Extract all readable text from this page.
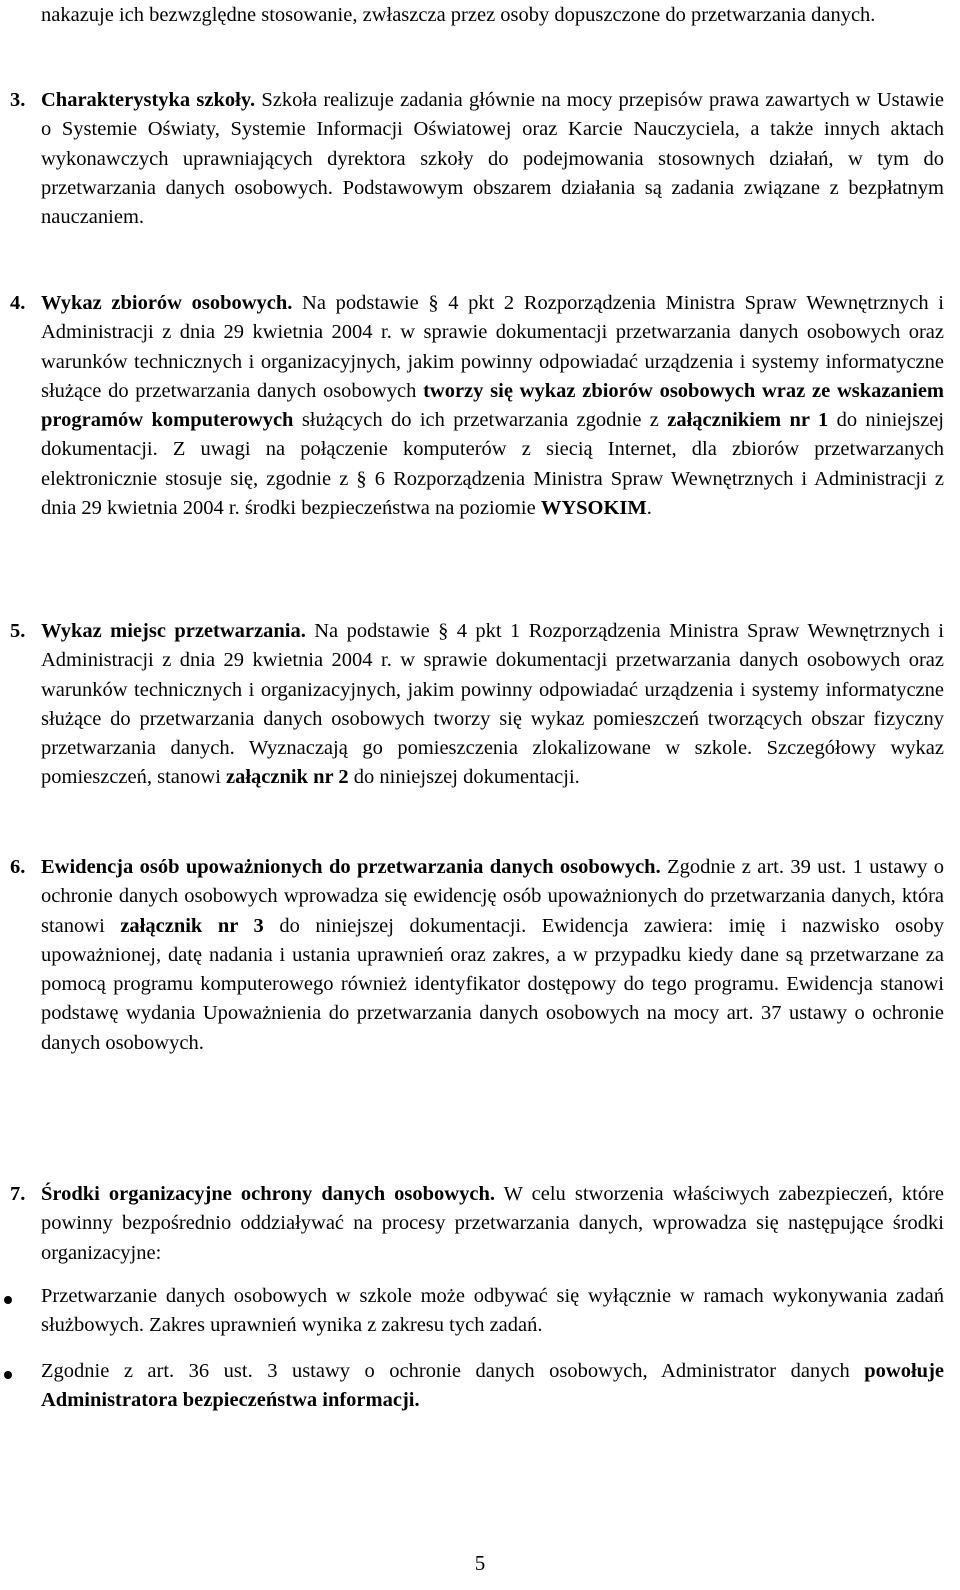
nakazuje ich bezwzględne stosowanie, zwłaszcza przez osoby dopuszczone do przetwarzania danych.

3. Charakterystyka szkoły. Szkoła realizuje zadania głównie na mocy przepisów prawa zawartych w Ustawie o Systemie Oświaty, Systemie Informacji Oświatowej oraz Karcie Nauczyciela, a także innych aktach wykonawczych uprawniających dyrektora szkoły do podejmowania stosownych działań, w tym do przetwarzania danych osobowych. Podstawowym obszarem działania są zadania związane z bezpłatnym nauczaniem.

4. Wykaz zbiorów osobowych. Na podstawie § 4 pkt 2 Rozporządzenia Ministra Spraw Wewnętrznych i Administracji z dnia 29 kwietnia 2004 r. w sprawie dokumentacji przetwarzania danych osobowych oraz warunków technicznych i organizacyjnych, jakim powinny odpowiadać urządzenia i systemy informatyczne służące do przetwarzania danych osobowych tworzy się wykaz zbiorów osobowych wraz ze wskazaniem programów komputerowych służących do ich przetwarzania zgodnie z załącznikiem nr 1 do niniejszej dokumentacji. Z uwagi na połączenie komputerów z siecią Internet, dla zbiorów przetwarzanych elektronicznie stosuje się, zgodnie z § 6 Rozporządzenia Ministra Spraw Wewnętrznych i Administracji z dnia 29 kwietnia 2004 r. środki bezpieczeństwa na poziomie WYSOKIM.

5. Wykaz miejsc przetwarzania. Na podstawie § 4 pkt 1 Rozporządzenia Ministra Spraw Wewnętrznych i Administracji z dnia 29 kwietnia 2004 r. w sprawie dokumentacji przetwarzania danych osobowych oraz warunków technicznych i organizacyjnych, jakim powinny odpowiadać urządzenia i systemy informatyczne służące do przetwarzania danych osobowych tworzy się wykaz pomieszczeń tworzących obszar fizyczny przetwarzania danych. Wyznaczają go pomieszczenia zlokalizowane w szkole. Szczegółowy wykaz pomieszczeń, stanowi załącznik nr 2 do niniejszej dokumentacji.

6. Ewidencja osób upoważnionych do przetwarzania danych osobowych. Zgodnie z art. 39 ust. 1 ustawy o ochronie danych osobowych wprowadza się ewidencję osób upoważnionych do przetwarzania danych, która stanowi załącznik nr 3 do niniejszej dokumentacji. Ewidencja zawiera: imię i nazwisko osoby upoważnionej, datę nadania i ustania uprawnień oraz zakres, a w przypadku kiedy dane są przetwarzane za pomocą programu komputerowego również identyfikator dostępowy do tego programu. Ewidencja stanowi podstawę wydania Upoważnienia do przetwarzania danych osobowych na mocy art. 37 ustawy o ochronie danych osobowych.

7. Środki organizacyjne ochrony danych osobowych. W celu stworzenia właściwych zabezpieczeń, które powinny bezpośrednio oddziaływać na procesy przetwarzania danych, wprowadza się następujące środki organizacyjne:

Przetwarzanie danych osobowych w szkole może odbywać się wyłącznie w ramach wykonywania zadań służbowych. Zakres uprawnień wynika z zakresu tych zadań.

Zgodnie z art. 36 ust. 3 ustawy o ochronie danych osobowych, Administrator danych powołuje Administratora bezpieczeństwa informacji.

5
